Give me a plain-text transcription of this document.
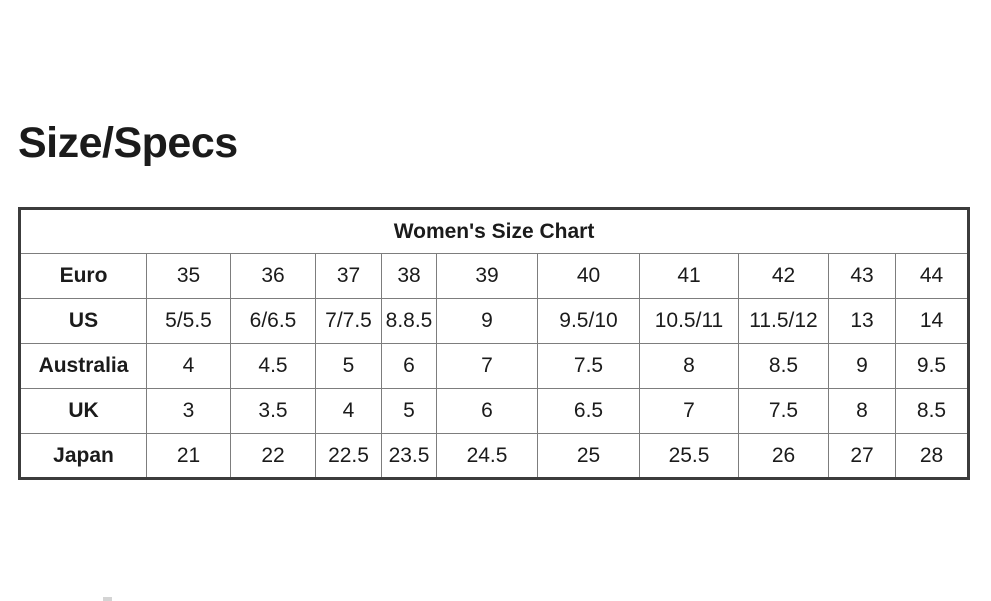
Size/Specs
Women's Size Chart										
Euro	35	36	37	38	39	40	41	42	43	44
US	5/5.5	6/6.5	7/7.5	8.8.5	9	9.5/10	10.5/11	11.5/12	13	14
Australia	4	4.5	5	6	7	7.5	8	8.5	9	9.5
UK	3	3.5	4	5	6	6.5	7	7.5	8	8.5
Japan	21	22	22.5	23.5	24.5	25	25.5	26	27	28
